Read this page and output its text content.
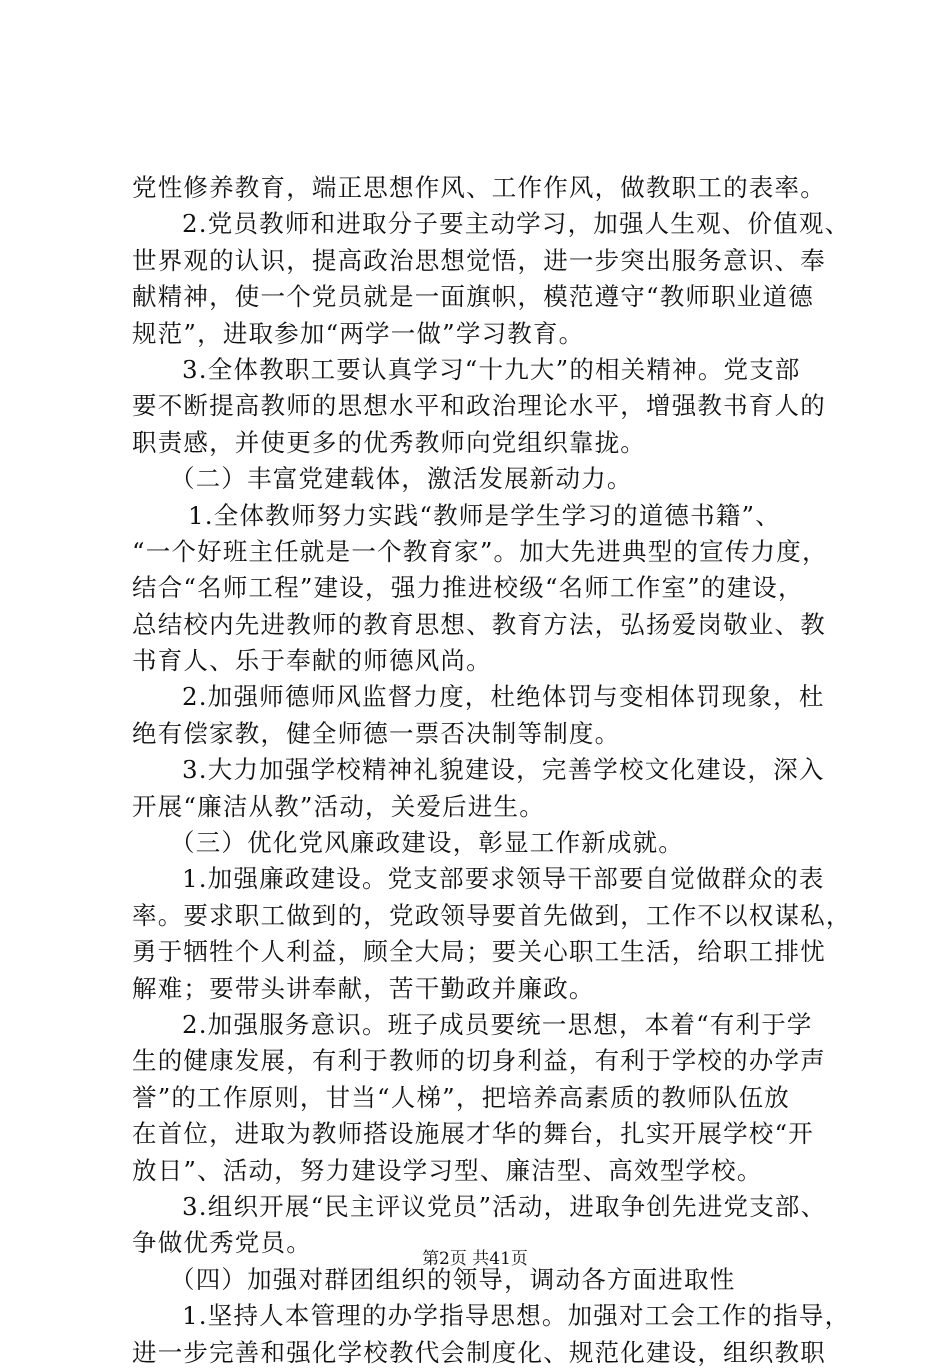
党性修养教育，端正思想作风、工作作风，做教职工的表率。
2.党员教师和进取分子要主动学习，加强人生观、价值观、
世界观的认识，提高政治思想觉悟，进一步突出服务意识、奉
献精神，使一个党员就是一面旗帜，模范遵守“教师职业道德
规范”，进取参加“两学一做”学习教育。
3.全体教职工要认真学习“十九大”的相关精神。党支部
要不断提高教师的思想水平和政治理论水平，增强教书育人的
职责感，并使更多的优秀教师向党组织靠拢。
（二）丰富党建载体，激活发展新动力。
1.全体教师努力实践“教师是学生学习的道德书籍”、
“一个好班主任就是一个教育家”。加大先进典型的宣传力度，
结合“名师工程”建设，强力推进校级“名师工作室”的建设，
总结校内先进教师的教育思想、教育方法，弘扬爱岗敬业、教
书育人、乐于奉献的师德风尚。
2.加强师德师风监督力度，杜绝体罚与变相体罚现象，杜
绝有偿家教，健全师德一票否决制等制度。
3.大力加强学校精神礼貌建设，完善学校文化建设，深入
开展“廉洁从教”活动，关爱后进生。
（三）优化党风廉政建设，彰显工作新成就。
1.加强廉政建设。党支部要求领导干部要自觉做群众的表
率。要求职工做到的，党政领导要首先做到，工作不以权谋私，
勇于牺牲个人利益，顾全大局；要关心职工生活，给职工排忧
解难；要带头讲奉献，苦干勤政并廉政。
2.加强服务意识。班子成员要统一思想，本着“有利于学
生的健康发展，有利于教师的切身利益，有利于学校的办学声
誉”的工作原则，甘当“人梯”，把培养高素质的教师队伍放
在首位，进取为教师搭设施展才华的舞台，扎实开展学校“开
放日”、活动，努力建设学习型、廉洁型、高效型学校。
3.组织开展“民主评议党员”活动，进取争创先进党支部、
争做优秀党员。
（四）加强对群团组织的领导，调动各方面进取性
1.坚持人本管理的办学指导思想。加强对工会工作的指导，
进一步完善和强化学校教代会制度化、规范化建设，组织教职
第2页 共41页
